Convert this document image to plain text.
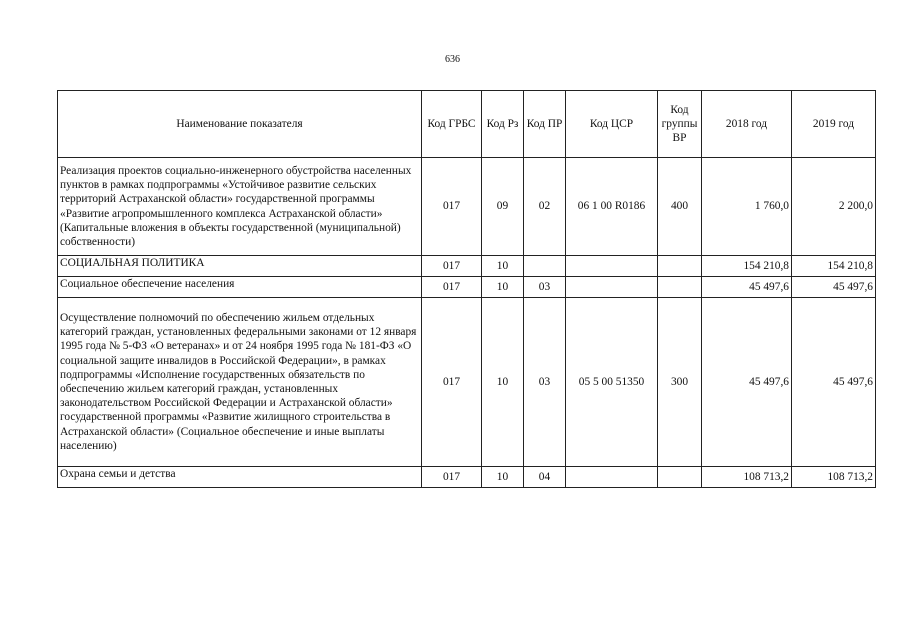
636
Наименование показателя	Код ГРБС	Код Рз	Код ПР	Код ЦСР	Код группы ВР	2018 год	2019 год
Реализация проектов социально-инженерного обустройства населенных пунктов в рамках подпрограммы «Устойчивое развитие сельских территорий Астраханской области» государственной программы «Развитие агропромышленного комплекса Астраханской области» (Капитальные вложения в объекты государственной (муниципальной) собственности)	017	09	02	06 1 00 R0186	400	1 760,0	2 200,0
СОЦИАЛЬНАЯ ПОЛИТИКА	017	10				154 210,8	154 210,8
Социальное обеспечение населения	017	10	03			45 497,6	45 497,6
Осуществление полномочий по обеспечению жильем отдельных категорий граждан, установленных федеральными законами от 12 января 1995 года № 5-ФЗ «О ветеранах» и от 24 ноября 1995 года № 181-ФЗ «О социальной защите инвалидов в Российской Федерации», в рамках подпрограммы «Исполнение государственных обязательств по обеспечению жильем категорий граждан, установленных законодательством Российской Федерации и Астраханской области» государственной программы «Развитие жилищного строительства в Астраханской области» (Социальное обеспечение и иные выплаты населению)	017	10	03	05 5 00 51350	300	45 497,6	45 497,6
Охрана семьи и детства	017	10	04			108 713,2	108 713,2
